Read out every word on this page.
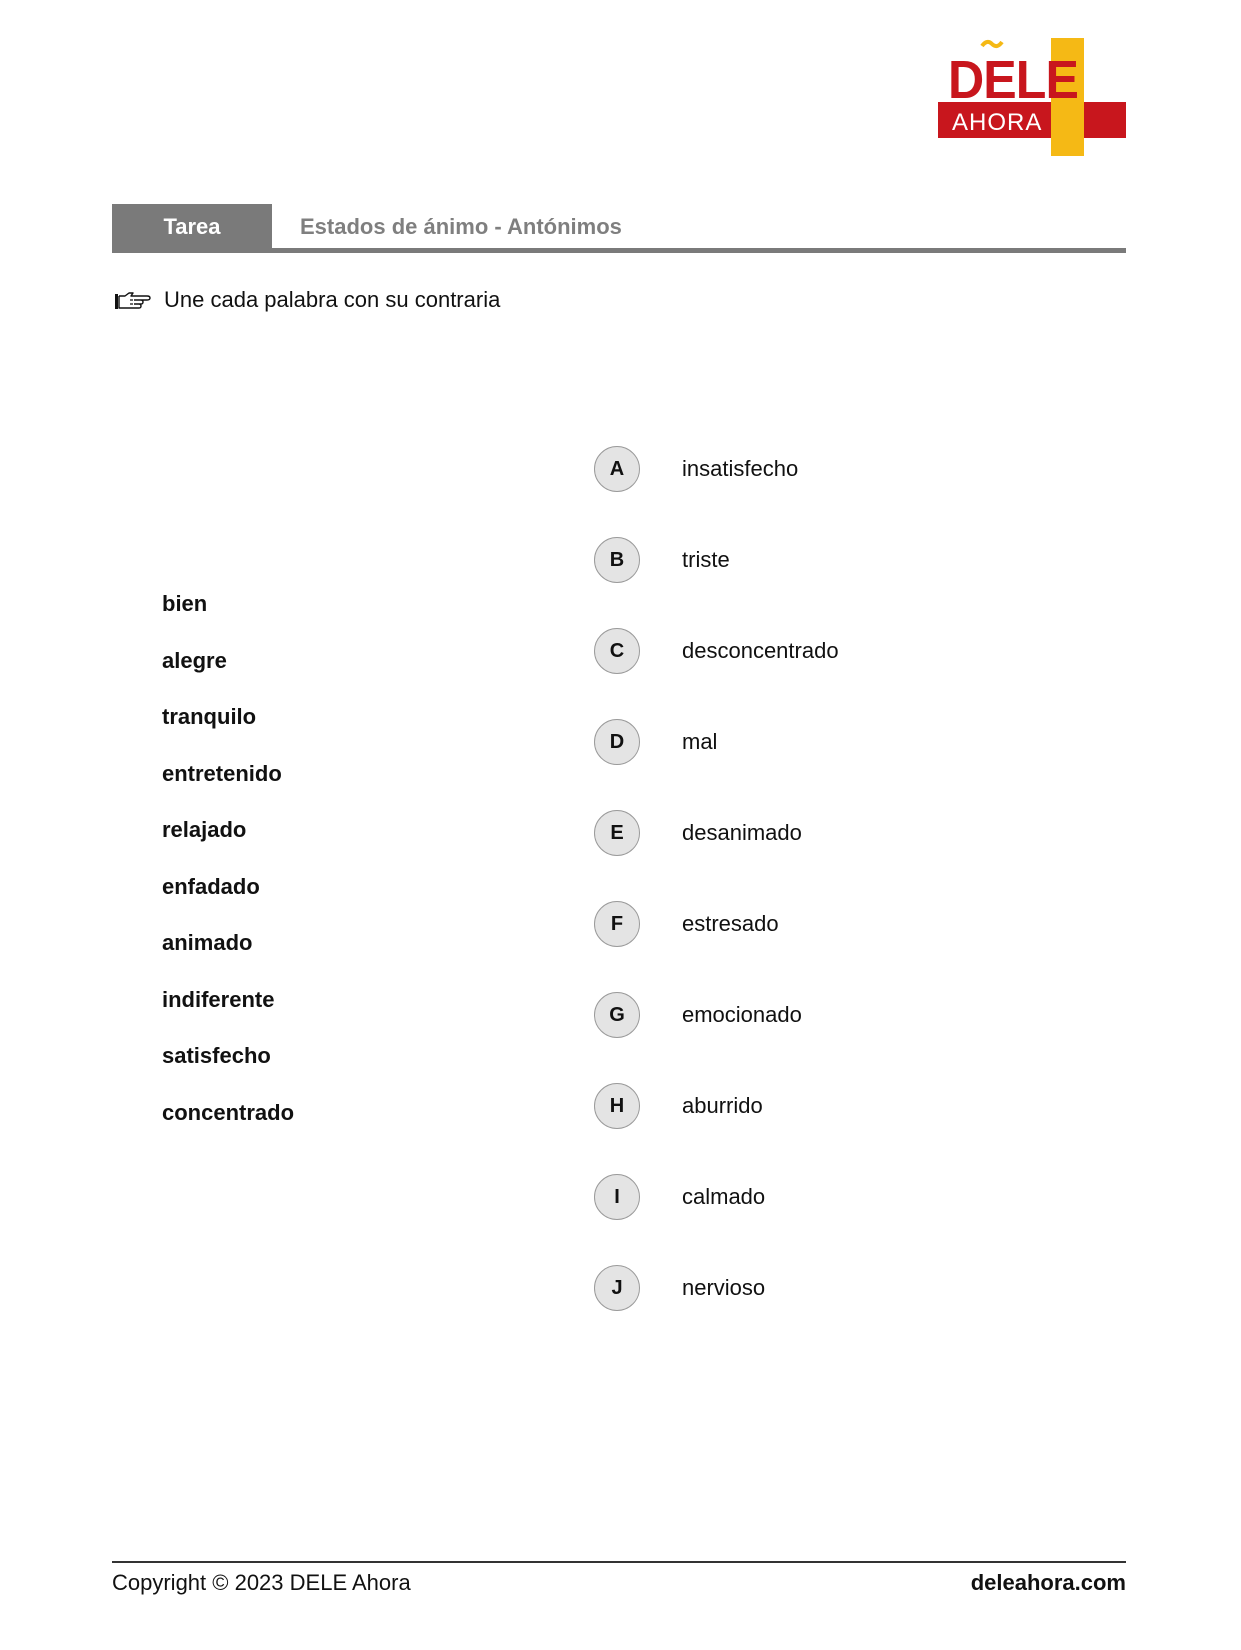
DELE
AHORA
Tarea	Estados de ánimo - Antónimos
Une cada palabra con su contraria
bien
alegre
tranquilo
entretenido
relajado
enfadado
animado
indiferente
satisfecho
concentrado
A	insatisfecho
B	triste
C	desconcentrado
D	mal
E	desanimado
F	estresado
G	emocionado
H	aburrido
I	calmado
J	nervioso
Copyright © 2023 DELE Ahora	deleahora.com
